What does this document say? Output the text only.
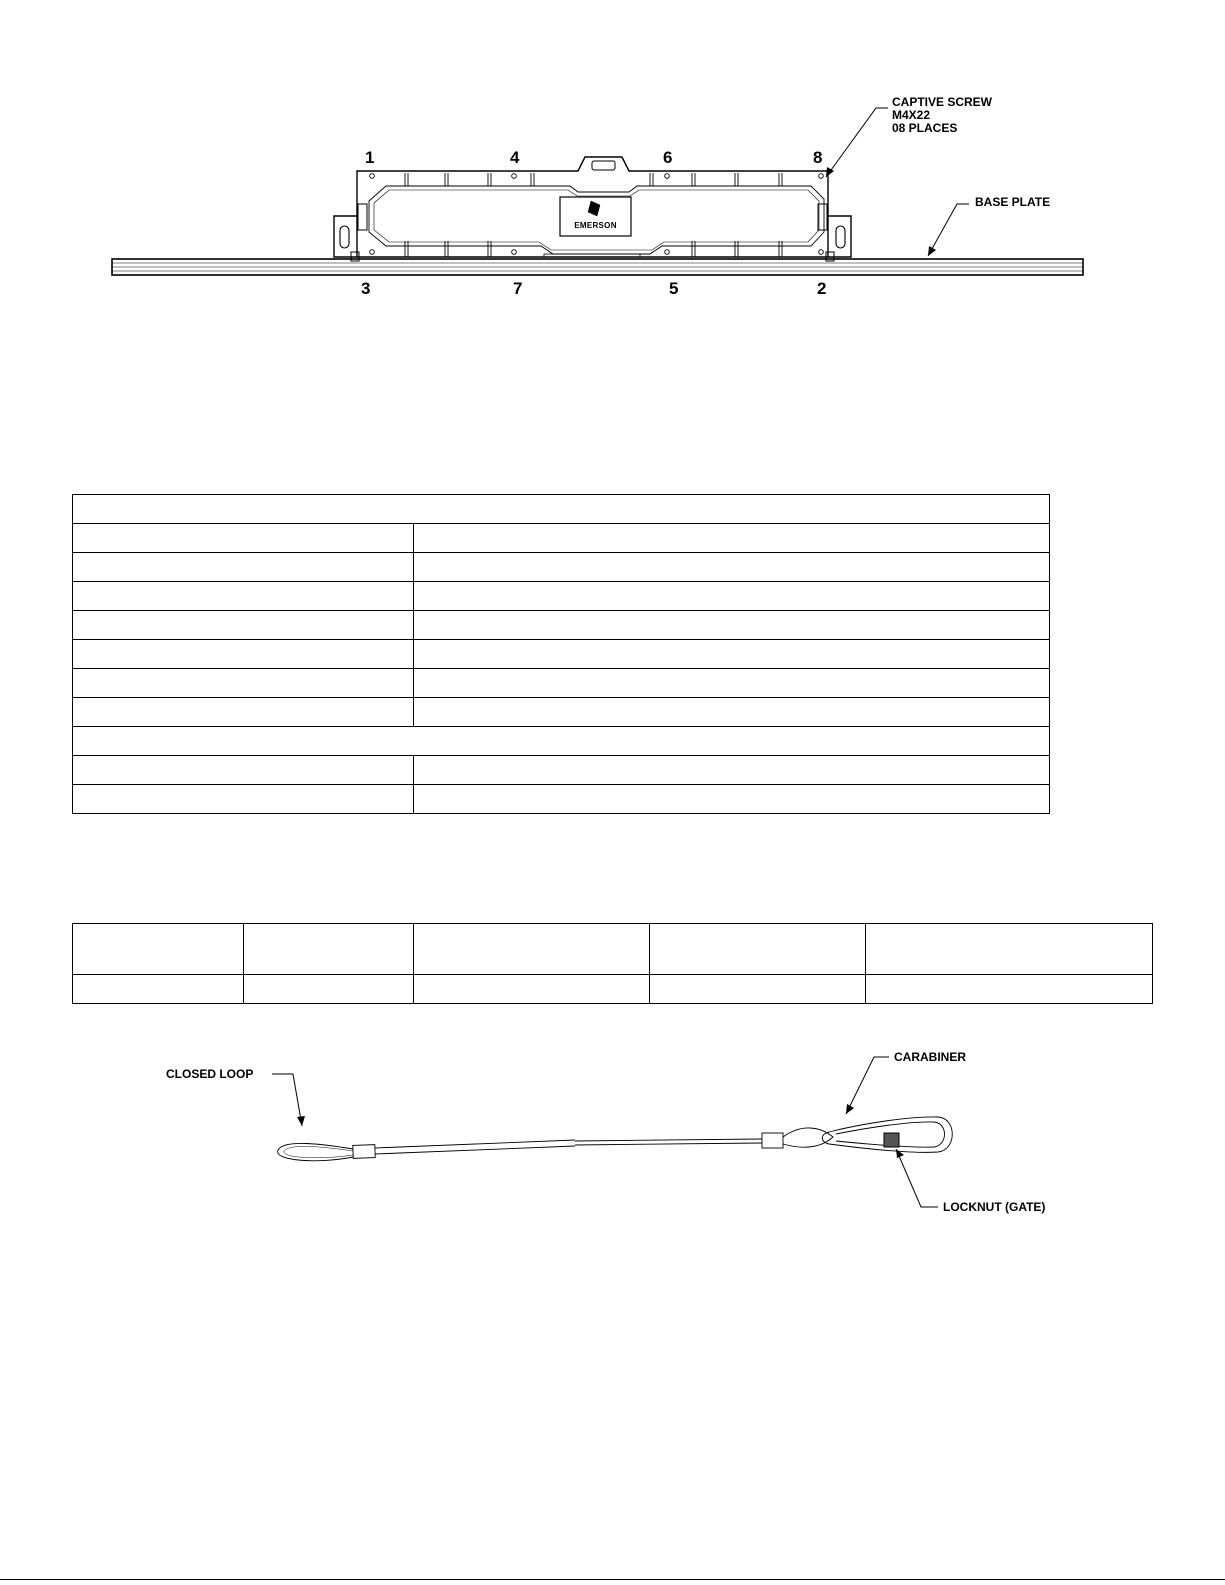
1	4	6	8
3	7	5	2
EMERSON
CAPTIVE SCREW
M4X22
08 PLACES
BASE PLATE
CLOSED LOOP
CARABINER
LOCKNUT (GATE)
